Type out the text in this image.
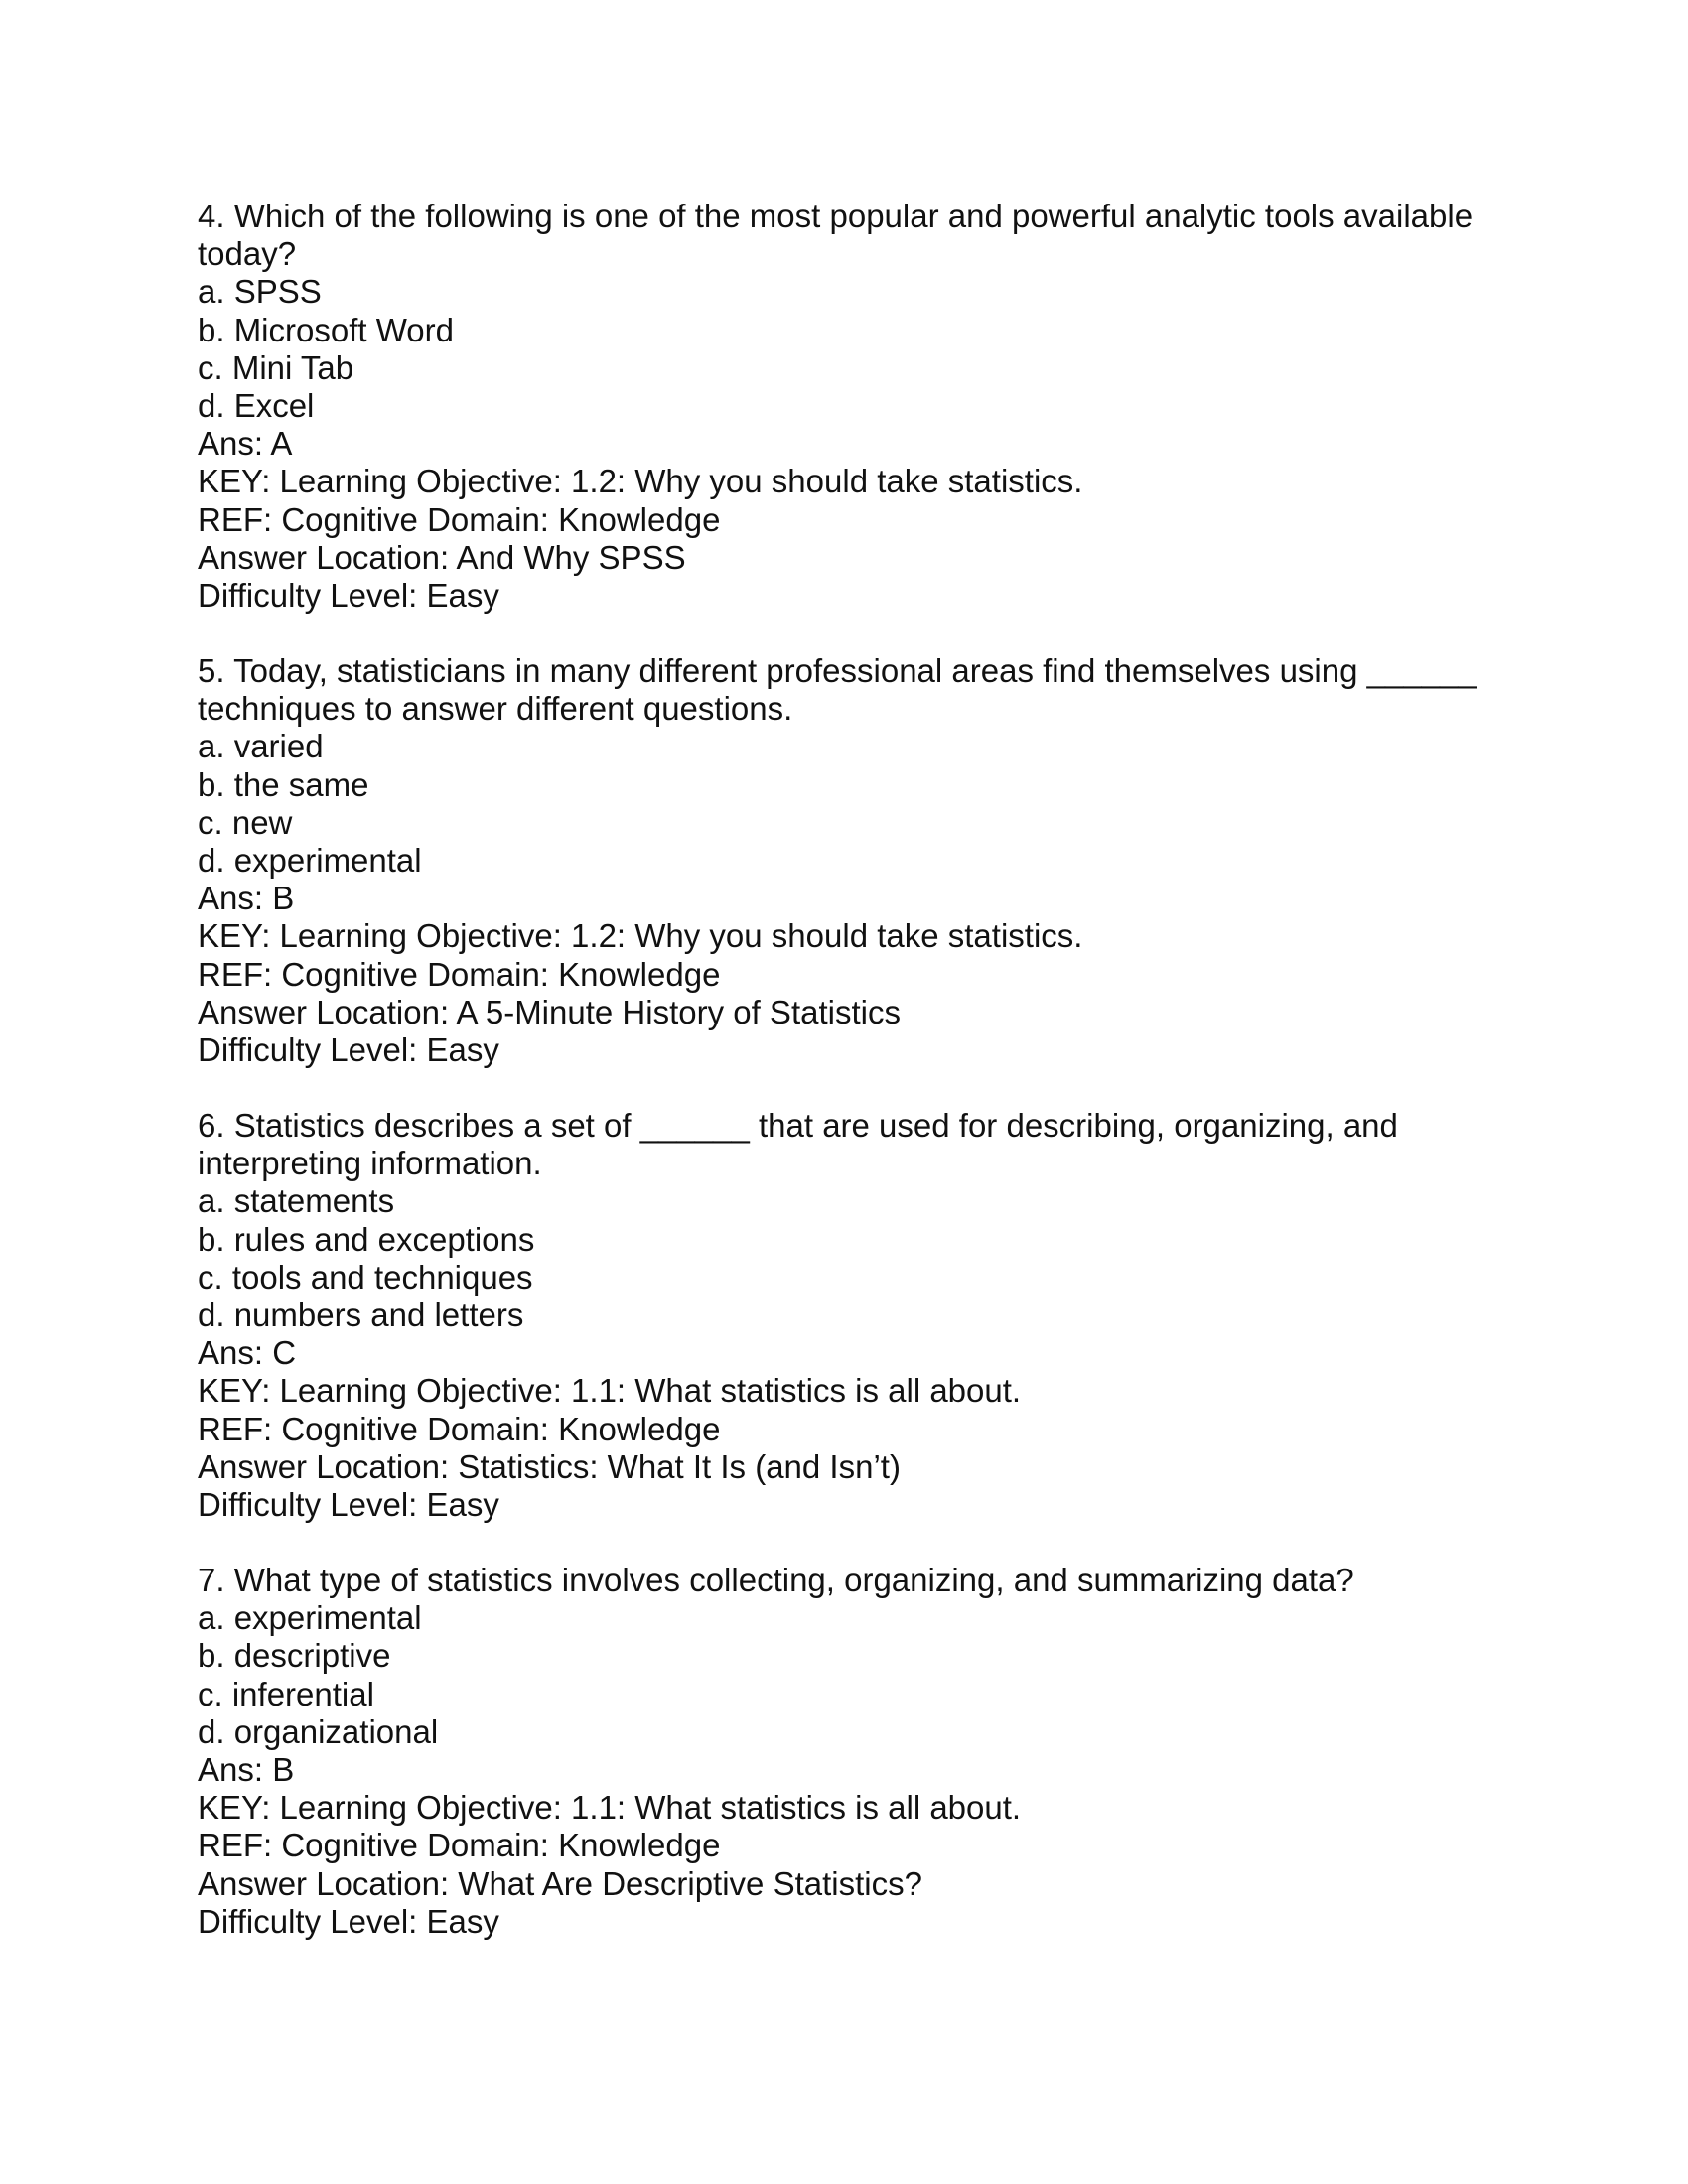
4. Which of the following is one of the most popular and powerful analytic tools available today?
a. SPSS
b. Microsoft Word
c. Mini Tab
d. Excel
Ans: A
KEY: Learning Objective: 1.2: Why you should take statistics.
REF: Cognitive Domain: Knowledge
Answer Location: And Why SPSS
Difficulty Level: Easy
5. Today, statisticians in many different professional areas find themselves using ______ techniques to answer different questions.
a. varied
b. the same
c. new
d. experimental
Ans: B
KEY: Learning Objective: 1.2: Why you should take statistics.
REF: Cognitive Domain: Knowledge
Answer Location: A 5-Minute History of Statistics
Difficulty Level: Easy
6. Statistics describes a set of ______ that are used for describing, organizing, and interpreting information.
a. statements
b. rules and exceptions
c. tools and techniques
d. numbers and letters
Ans: C
KEY: Learning Objective: 1.1: What statistics is all about.
REF: Cognitive Domain: Knowledge
Answer Location: Statistics: What It Is (and Isn’t)
Difficulty Level: Easy
7. What type of statistics involves collecting, organizing, and summarizing data?
a. experimental
b. descriptive
c. inferential
d. organizational
Ans: B
KEY: Learning Objective: 1.1: What statistics is all about.
REF: Cognitive Domain: Knowledge
Answer Location: What Are Descriptive Statistics?
Difficulty Level: Easy
